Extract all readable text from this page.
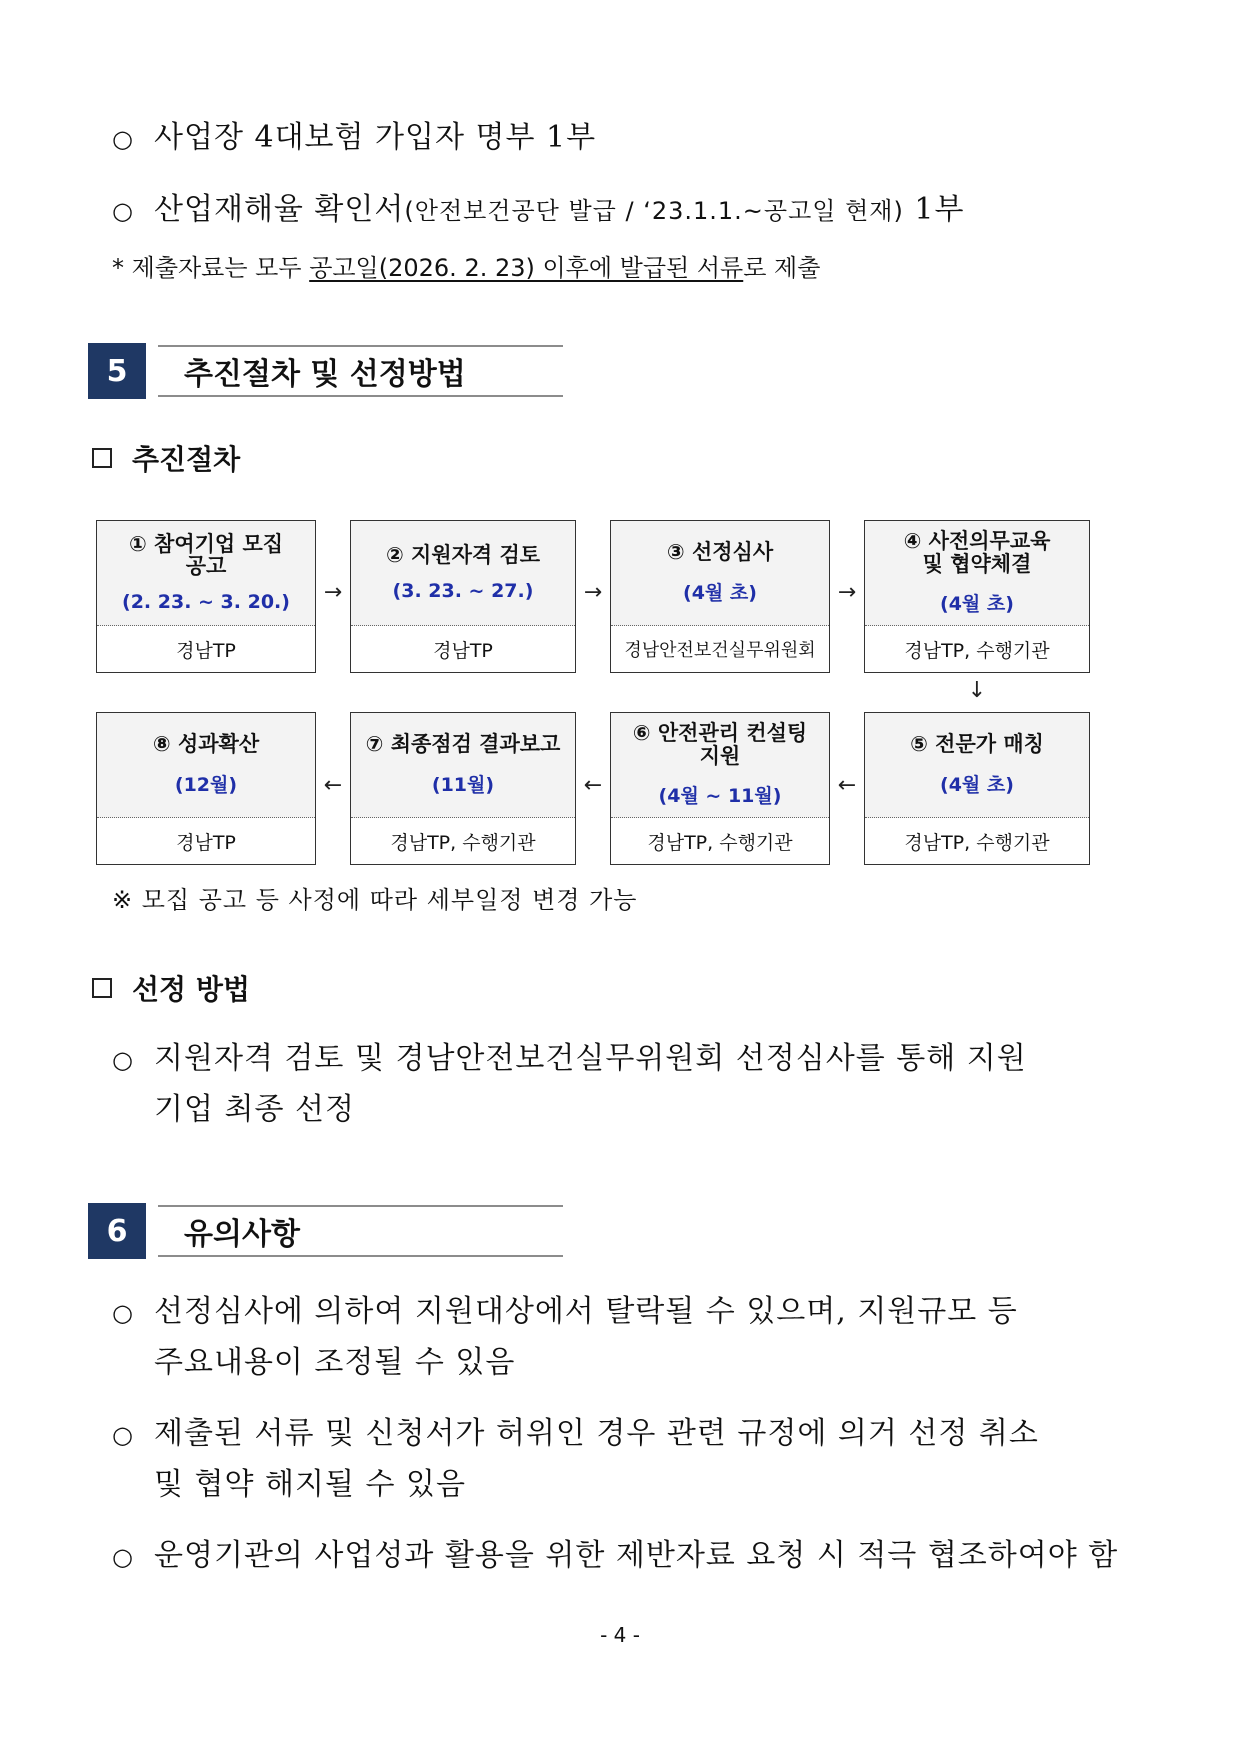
○ 사업장 4대보험 가입자 명부 1부
○ 산업재해율 확인서(안전보건공단 발급 / ‘23.1.1.~공고일 현재) 1부
* 제출자료는 모두 공고일(2026. 2. 23) 이후에 발급된 서류로 제출
5	추진절차 및 선정방법
추진절차
① 참여기업 모집
공고
(2. 23. ~ 3. 20.)
경남TP
→
② 지원자격 검토
(3. 23. ~ 27.)
경남TP
→
③ 선정심사
(4월 초)
경남안전보건실무위원회
→
④ 사전의무교육
및 협약체결
(4월 초)
경남TP, 수행기관
↓
⑧ 성과확산
(12월)
경남TP
←
⑦ 최종점검 결과보고
(11월)
경남TP, 수행기관
←
⑥ 안전관리 컨설팅
지원
(4월 ~ 11월)
경남TP, 수행기관
←
⑤ 전문가 매칭
(4월 초)
경남TP, 수행기관
※ 모집 공고 등 사정에 따라 세부일정 변경 가능
선정 방법
○ 지원자격 검토 및 경남안전보건실무위원회 선정심사를 통해 지원
기업 최종 선정
6	유의사항
○ 선정심사에 의하여 지원대상에서 탈락될 수 있으며, 지원규모 등
주요내용이 조정될 수 있음
○ 제출된 서류 및 신청서가 허위인 경우 관련 규정에 의거 선정 취소
및 협약 해지될 수 있음
○ 운영기관의 사업성과 활용을 위한 제반자료 요청 시 적극 협조하여야 함
- 4 -
